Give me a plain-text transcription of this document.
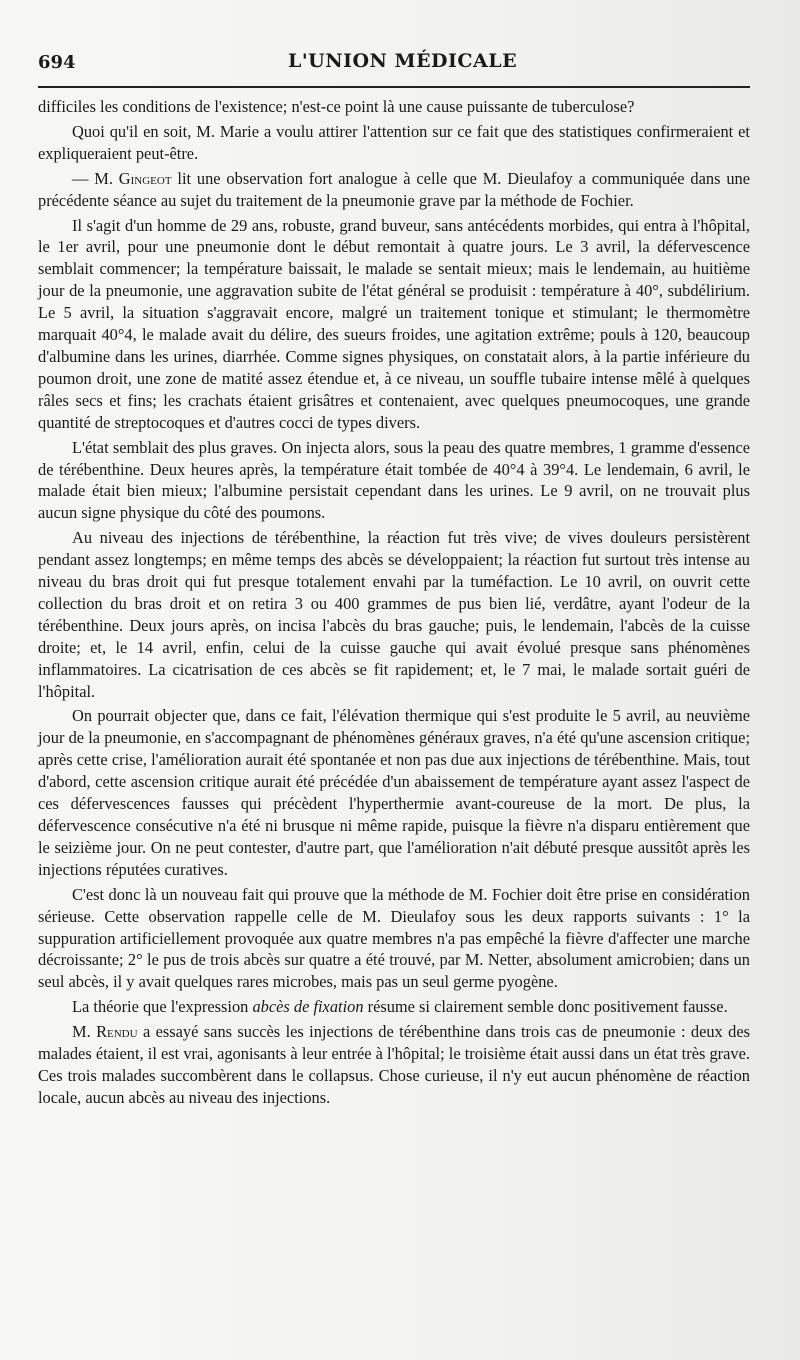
694	L'UNION MÉDICALE

difficiles les conditions de l'existence; n'est-ce point là une cause puissante de tuberculose?

Quoi qu'il en soit, M. Marie a voulu attirer l'attention sur ce fait que des statistiques confirmeraient et expliqueraient peut-être.

— M. Gingeot lit une observation fort analogue à celle que M. Dieulafoy a communiquée dans une précédente séance au sujet du traitement de la pneumonie grave par la méthode de Fochier.

Il s'agit d'un homme de 29 ans, robuste, grand buveur, sans antécédents morbides, qui entra à l'hôpital, le 1er avril, pour une pneumonie dont le début remontait à quatre jours. Le 3 avril, la défervescence semblait commencer; la température baissait, le malade se sentait mieux; mais le lendemain, au huitième jour de la pneumonie, une aggravation subite de l'état général se produisit : température à 40°, subdélirium. Le 5 avril, la situation s'aggravait encore, malgré un traitement tonique et stimulant; le thermomètre marquait 40°4, le malade avait du délire, des sueurs froides, une agitation extrême; pouls à 120, beaucoup d'albumine dans les urines, diarrhée. Comme signes physiques, on constatait alors, à la partie inférieure du poumon droit, une zone de matité assez étendue et, à ce niveau, un souffle tubaire intense mêlé à quelques râles secs et fins; les crachats étaient grisâtres et contenaient, avec quelques pneumocoques, une grande quantité de streptocoques et d'autres cocci de types divers.

L'état semblait des plus graves. On injecta alors, sous la peau des quatre membres, 1 gramme d'essence de térébenthine. Deux heures après, la température était tombée de 40°4 à 39°4. Le lendemain, 6 avril, le malade était bien mieux; l'albumine persistait cependant dans les urines. Le 9 avril, on ne trouvait plus aucun signe physique du côté des poumons.

Au niveau des injections de térébenthine, la réaction fut très vive; de vives douleurs persistèrent pendant assez longtemps; en même temps des abcès se développaient; la réaction fut surtout très intense au niveau du bras droit qui fut presque totalement envahi par la tuméfaction. Le 10 avril, on ouvrit cette collection du bras droit et on retira 3 ou 400 grammes de pus bien lié, verdâtre, ayant l'odeur de la térébenthine. Deux jours après, on incisa l'abcès du bras gauche; puis, le lendemain, l'abcès de la cuisse droite; et, le 14 avril, enfin, celui de la cuisse gauche qui avait évolué presque sans phénomènes inflammatoires. La cicatrisation de ces abcès se fit rapidement; et, le 7 mai, le malade sortait guéri de l'hôpital.

On pourrait objecter que, dans ce fait, l'élévation thermique qui s'est produite le 5 avril, au neuvième jour de la pneumonie, en s'accompagnant de phénomènes généraux graves, n'a été qu'une ascension critique; après cette crise, l'amélioration aurait été spontanée et non pas due aux injections de térébenthine. Mais, tout d'abord, cette ascension critique aurait été précédée d'un abaissement de température ayant assez l'aspect de ces défervescences fausses qui précèdent l'hyperthermie avant-coureuse de la mort. De plus, la défervescence consécutive n'a été ni brusque ni même rapide, puisque la fièvre n'a disparu entièrement que le seizième jour. On ne peut contester, d'autre part, que l'amélioration n'ait débuté presque aussitôt après les injections réputées curatives.

C'est donc là un nouveau fait qui prouve que la méthode de M. Fochier doit être prise en considération sérieuse. Cette observation rappelle celle de M. Dieulafoy sous les deux rapports suivants : 1° la suppuration artificiellement provoquée aux quatre membres n'a pas empêché la fièvre d'affecter une marche décroissante; 2° le pus de trois abcès sur quatre a été trouvé, par M. Netter, absolument amicrobien; dans un seul abcès, il y avait quelques rares microbes, mais pas un seul germe pyogène.

La théorie que l'expression abcès de fixation résume si clairement semble donc positivement fausse.

M. Rendu a essayé sans succès les injections de térébenthine dans trois cas de pneumonie : deux des malades étaient, il est vrai, agonisants à leur entrée à l'hôpital; le troisième était aussi dans un état très grave. Ces trois malades succombèrent dans le collapsus. Chose curieuse, il n'y eut aucun phénomène de réaction locale, aucun abcès au niveau des injections.
